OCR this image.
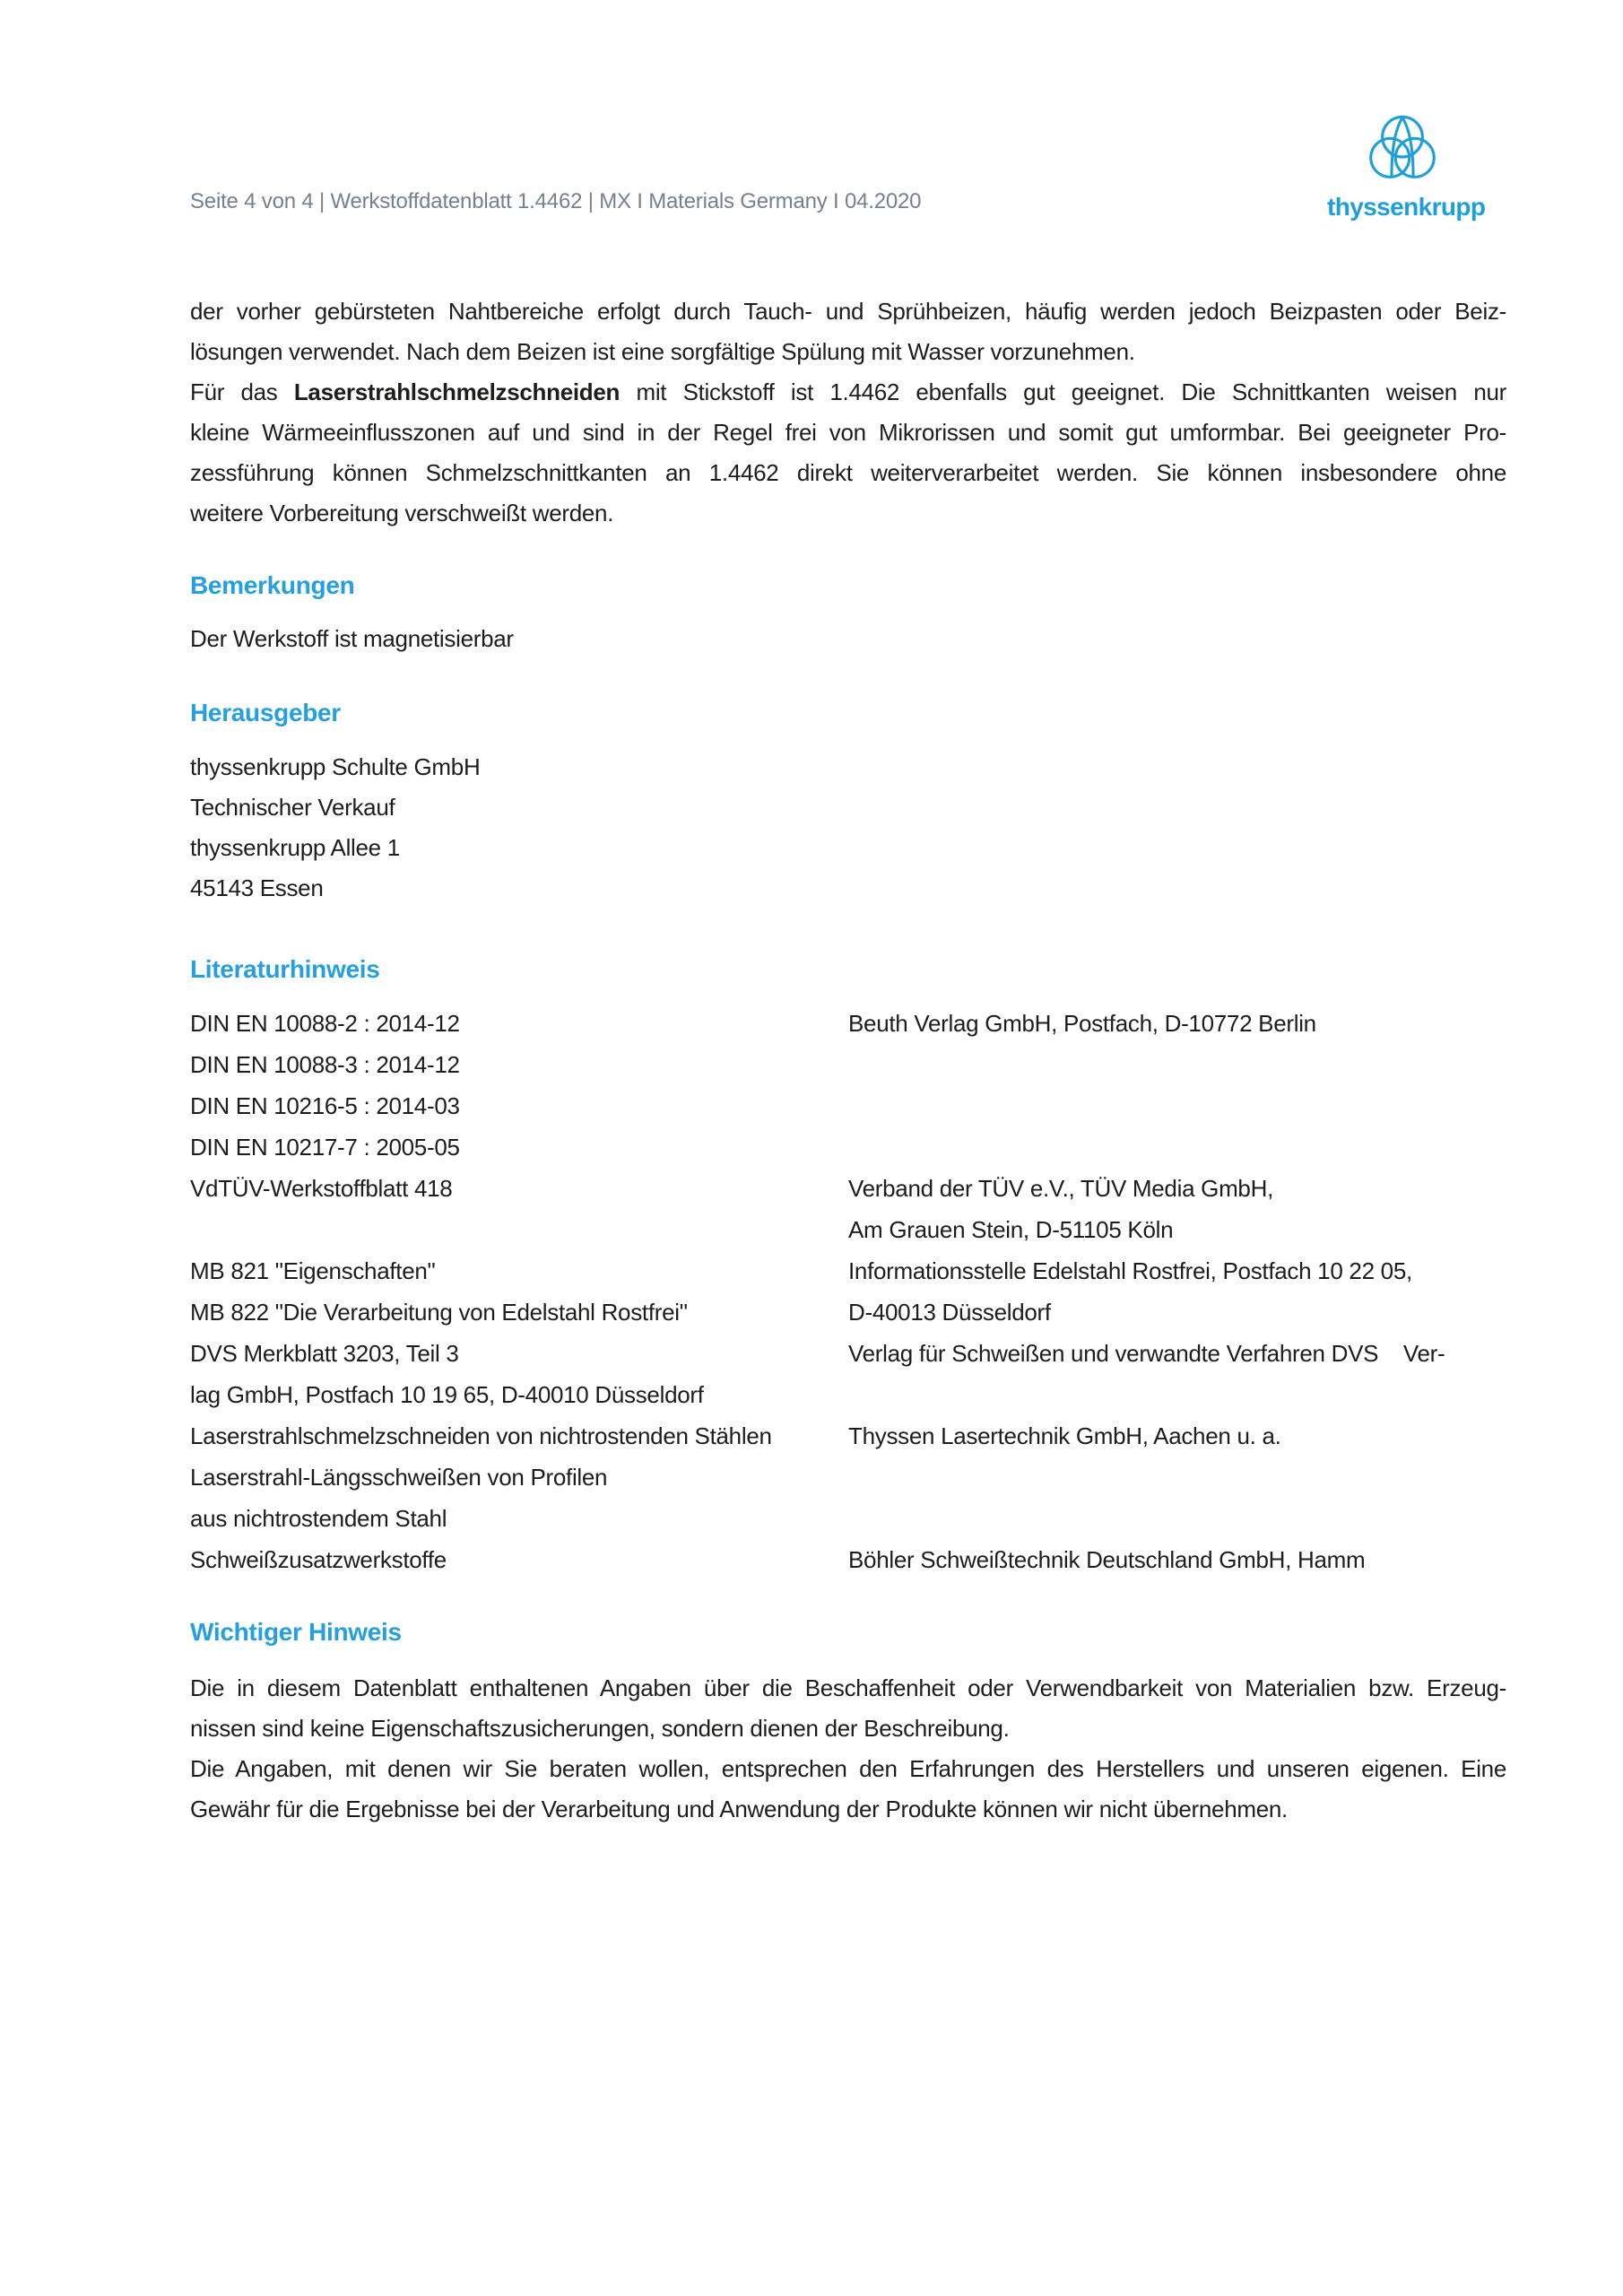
Seite 4 von 4 | Werkstoffdatenblatt 1.4462 | MX I Materials Germany I 04.2020	thyssenkrupp
der vorher gebürsteten Nahtbereiche erfolgt durch Tauch- und Sprühbeizen, häufig werden jedoch Beizpasten oder Beiz-
lösungen verwendet. Nach dem Beizen ist eine sorgfältige Spülung mit Wasser vorzunehmen.
Für das Laserstrahlschmelzschneiden mit Stickstoff ist 1.4462 ebenfalls gut geeignet. Die Schnittkanten weisen nur
kleine Wärmeeinflusszonen auf und sind in der Regel frei von Mikrorissen und somit gut umformbar. Bei geeigneter Pro-
zessführung können Schmelzschnittkanten an 1.4462 direkt weiterverarbeitet werden. Sie können insbesondere ohne
weitere Vorbereitung verschweißt werden.
Bemerkungen
Der Werkstoff ist magnetisierbar
Herausgeber
thyssenkrupp Schulte GmbH
Technischer Verkauf
thyssenkrupp Allee 1
45143 Essen
Literaturhinweis
DIN EN 10088-2 : 2014-12	Beuth Verlag GmbH, Postfach, D-10772 Berlin
DIN EN 10088-3 : 2014-12
DIN EN 10216-5 : 2014-03
DIN EN 10217-7 : 2005-05
VdTÜV-Werkstoffblatt 418	Verband der TÜV e.V., TÜV Media GmbH,
Am Grauen Stein, D-51105 Köln
MB 821 "Eigenschaften"	Informationsstelle Edelstahl Rostfrei, Postfach 10 22 05,
MB 822 "Die Verarbeitung von Edelstahl Rostfrei"	D-40013 Düsseldorf
DVS Merkblatt 3203, Teil 3	Verlag für Schweißen und verwandte Verfahren DVS    Ver-
lag GmbH, Postfach 10 19 65, D-40010 Düsseldorf
Laserstrahlschmelzschneiden von nichtrostenden Stählen	Thyssen Lasertechnik GmbH, Aachen u. a.
Laserstrahl-Längsschweißen von Profilen
aus nichtrostendem Stahl
Schweißzusatzwerkstoffe	Böhler Schweißtechnik Deutschland GmbH, Hamm
Wichtiger Hinweis
Die in diesem Datenblatt enthaltenen Angaben über die Beschaffenheit oder Verwendbarkeit von Materialien bzw. Erzeug-
nissen sind keine Eigenschaftszusicherungen, sondern dienen der Beschreibung.
Die Angaben, mit denen wir Sie beraten wollen, entsprechen den Erfahrungen des Herstellers und unseren eigenen. Eine
Gewähr für die Ergebnisse bei der Verarbeitung und Anwendung der Produkte können wir nicht übernehmen.
